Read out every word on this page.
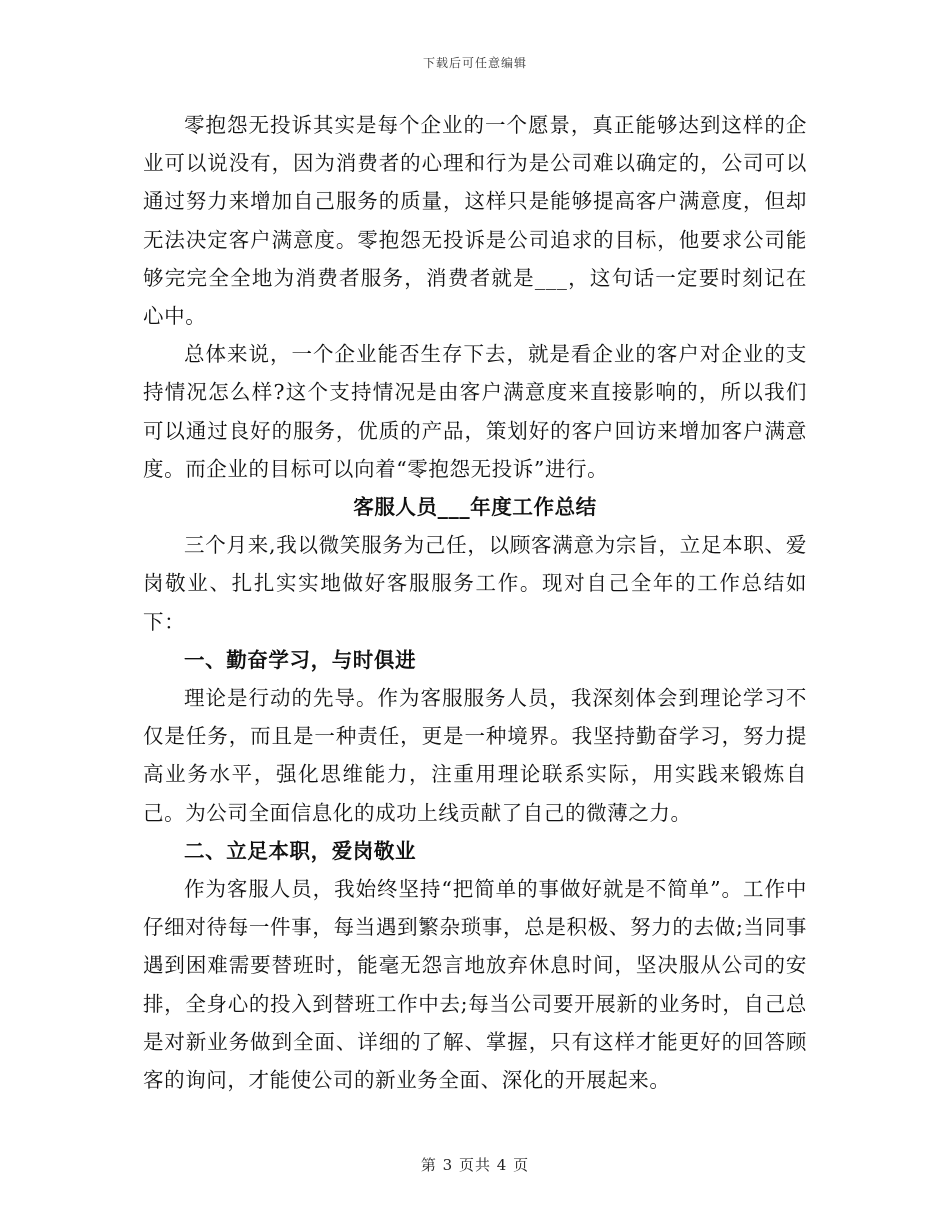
下载后可任意编辑

零抱怨无投诉其实是每个企业的一个愿景，真正能够达到这样的企业可以说没有，因为消费者的心理和行为是公司难以确定的，公司可以通过努力来增加自己服务的质量，这样只是能够提高客户满意度，但却无法决定客户满意度。零抱怨无投诉是公司追求的目标，他要求公司能够完完全全地为消费者服务，消费者就是___，这句话一定要时刻记在心中。

总体来说，一个企业能否生存下去，就是看企业的客户对企业的支持情况怎么样?这个支持情况是由客户满意度来直接影响的，所以我们可以通过良好的服务，优质的产品，策划好的客户回访来增加客户满意度。而企业的目标可以向着“零抱怨无投诉”进行。

客服人员___年度工作总结

三个月来,我以微笑服务为己任，以顾客满意为宗旨，立足本职、爱岗敬业、扎扎实实地做好客服服务工作。现对自己全年的工作总结如下：

一、勤奋学习，与时俱进

理论是行动的先导。作为客服服务人员，我深刻体会到理论学习不仅是任务，而且是一种责任，更是一种境界。我坚持勤奋学习，努力提高业务水平，强化思维能力，注重用理论联系实际，用实践来锻炼自己。为公司全面信息化的成功上线贡献了自己的微薄之力。

二、立足本职，爱岗敬业

作为客服人员，我始终坚持“把简单的事做好就是不简单”。工作中仔细对待每一件事，每当遇到繁杂琐事，总是积极、努力的去做;当同事遇到困难需要替班时，能毫无怨言地放弃休息时间，坚决服从公司的安排，全身心的投入到替班工作中去;每当公司要开展新的业务时，自己总是对新业务做到全面、详细的了解、掌握，只有这样才能更好的回答顾客的询问，才能使公司的新业务全面、深化的开展起来。

第 3 页共 4 页
